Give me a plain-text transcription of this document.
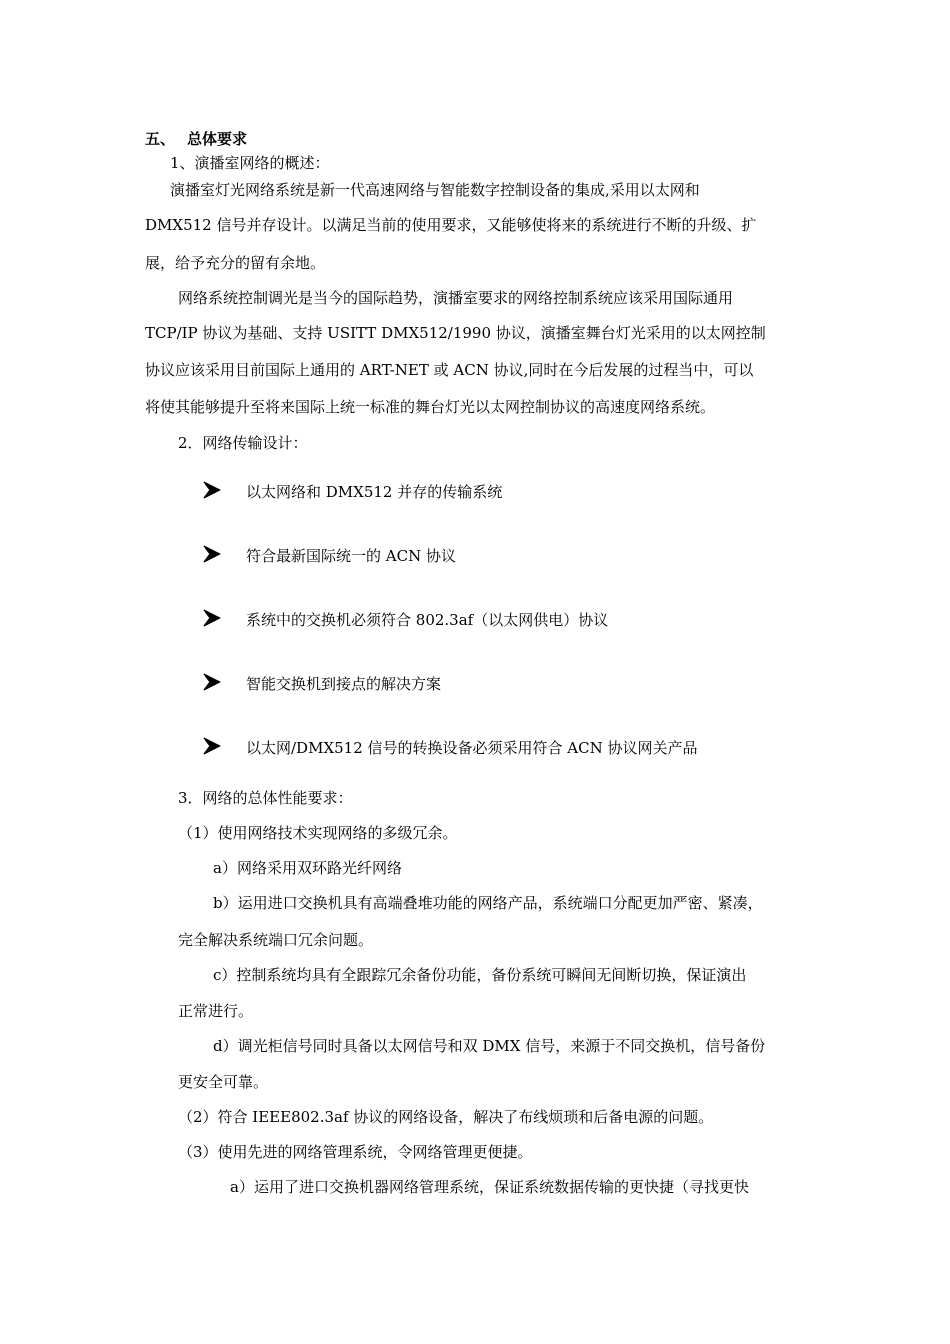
五、 总体要求
1、演播室网络的概述：
演播室灯光网络系统是新一代高速网络与智能数字控制设备的集成,采用以太网和
DMX512 信号并存设计。以满足当前的使用要求，又能够使将来的系统进行不断的升级、扩
展，给予充分的留有余地。
网络系统控制调光是当今的国际趋势，演播室要求的网络控制系统应该采用国际通用
TCP/IP 协议为基础、支持 USITT DMX512/1990 协议，演播室舞台灯光采用的以太网控制
协议应该采用目前国际上通用的 ART-NET 或 ACN 协议,同时在今后发展的过程当中，可以
将使其能够提升至将来国际上统一标准的舞台灯光以太网控制协议的高速度网络系统。
2．网络传输设计：
以太网络和 DMX512 并存的传输系统
符合最新国际统一的 ACN 协议
系统中的交换机必须符合 802.3af（以太网供电）协议
智能交换机到接点的解决方案
以太网/DMX512 信号的转换设备必须采用符合 ACN 协议网关产品
3．网络的总体性能要求：
（1）使用网络技术实现网络的多级冗余。
a）网络采用双环路光纤网络
b）运用进口交换机具有高端叠堆功能的网络产品，系统端口分配更加严密、紧凑，
完全解决系统端口冗余问题。
c）控制系统均具有全跟踪冗余备份功能，备份系统可瞬间无间断切换，保证演出
正常进行。
d）调光柜信号同时具备以太网信号和双 DMX 信号，来源于不同交换机，信号备份
更安全可靠。
（2）符合 IEEE802.3af 协议的网络设备，解决了布线烦琐和后备电源的问题。
（3）使用先进的网络管理系统，令网络管理更便捷。
a）运用了进口交换机器网络管理系统，保证系统数据传输的更快捷（寻找更快
